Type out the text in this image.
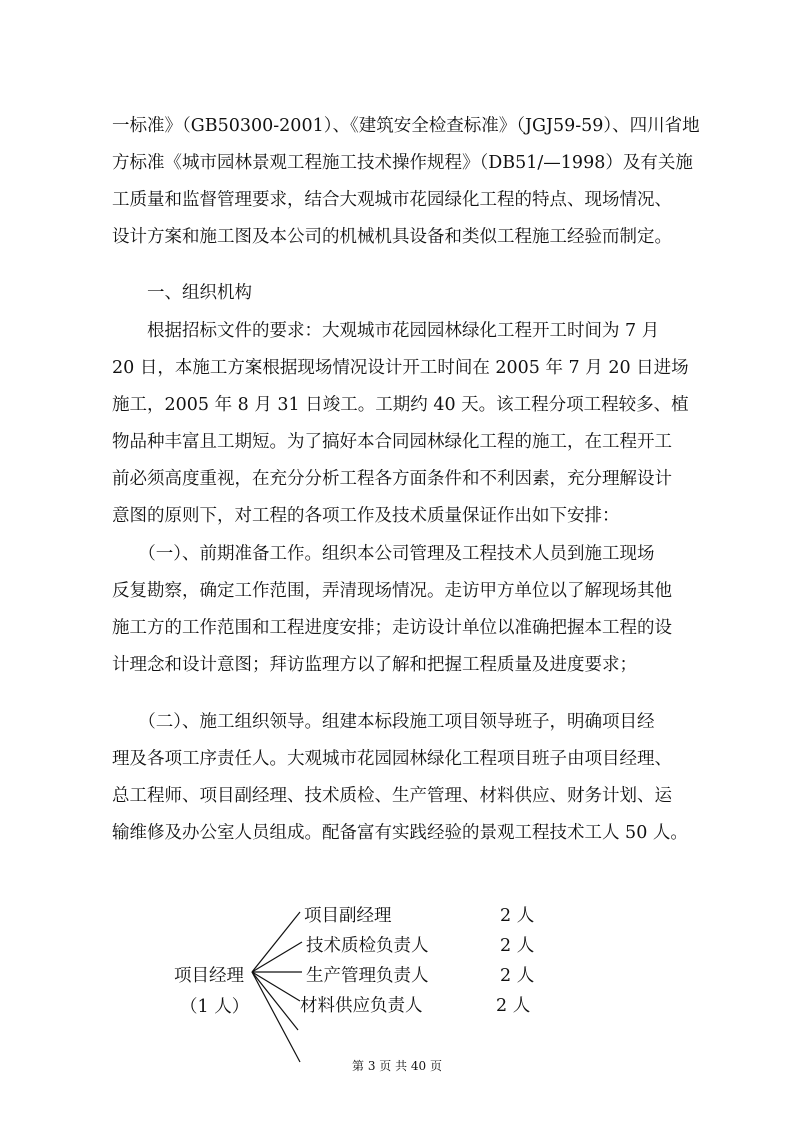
一标准》（GB50300-2001）、《建筑安全检查标准》（JGJ59-59）、四川省地
方标准《城市园林景观工程施工技术操作规程》（DB51/—1998）及有关施
工质量和监督管理要求，结合大观城市花园绿化工程的特点、现场情况、
设计方案和施工图及本公司的机械机具设备和类似工程施工经验而制定。
　　一、组织机构
　　根据招标文件的要求：大观城市花园园林绿化工程开工时间为 7 月
20 日，本施工方案根据现场情况设计开工时间在 2005 年 7 月 20 日进场
施工，2005 年 8 月 31 日竣工。工期约 40 天。该工程分项工程较多、植
物品种丰富且工期短。为了搞好本合同园林绿化工程的施工，在工程开工
前必须高度重视，在充分分析工程各方面条件和不利因素，充分理解设计
意图的原则下，对工程的各项工作及技术质量保证作出如下安排：
　　（一）、前期准备工作。组织本公司管理及工程技术人员到施工现场
反复勘察，确定工作范围，弄清现场情况。走访甲方单位以了解现场其他
施工方的工作范围和工程进度安排；走访设计单位以准确把握本工程的设
计理念和设计意图；拜访监理方以了解和把握工程质量及进度要求；
　　（二）、施工组织领导。组建本标段施工项目领导班子，明确项目经
理及各项工序责任人。大观城市花园园林绿化工程项目班子由项目经理、
总工程师、项目副经理、技术质检、生产管理、材料供应、财务计划、运
输维修及办公室人员组成。配备富有实践经验的景观工程技术工人 50 人。
项目经理
（1 人）
项目副经理	2 人
技术质检负责人	2 人
生产管理负责人	2 人
材料供应负责人	2 人
第 3 页 共 40 页
